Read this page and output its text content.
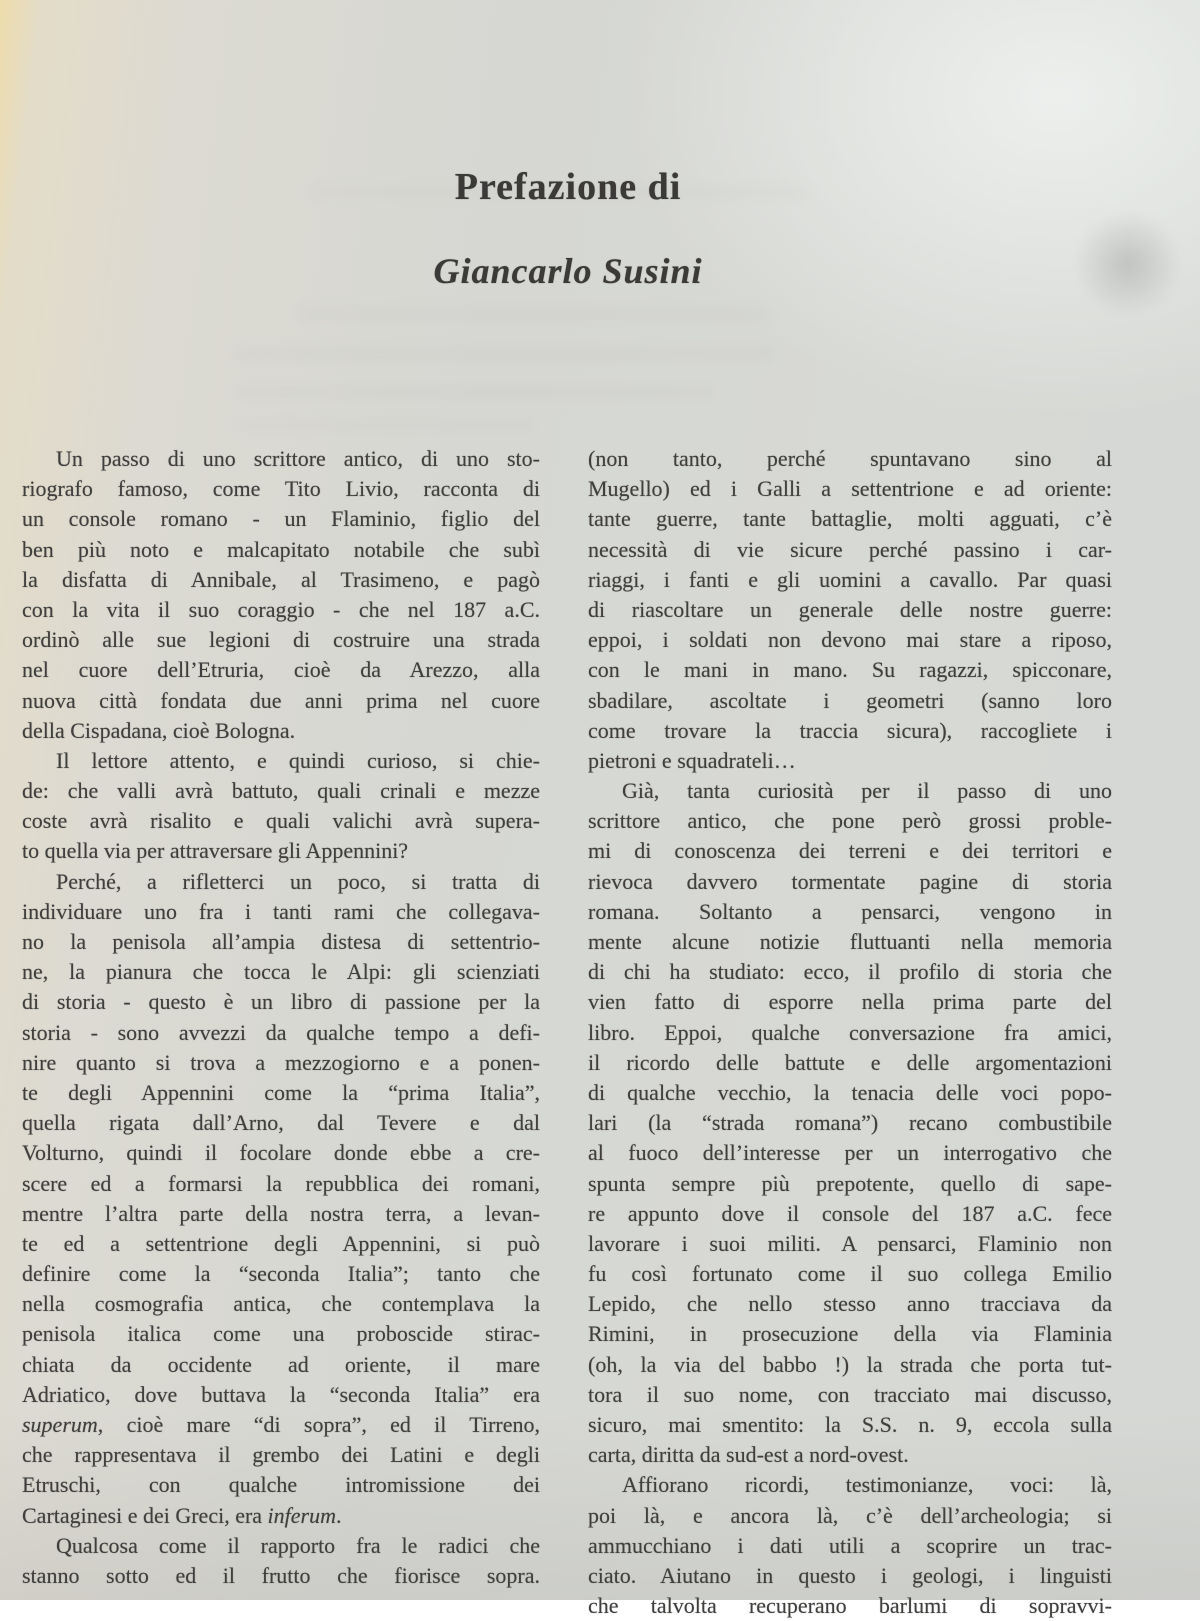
Prefazione di
Giancarlo Susini
Un passo di uno scrittore antico, di uno sto-
riografo famoso, come Tito Livio, racconta di
un console romano - un Flaminio, figlio del
ben più noto e malcapitato notabile che subì
la disfatta di Annibale, al Trasimeno, e pagò
con la vita il suo coraggio - che nel 187 a.C.
ordinò alle sue legioni di costruire una strada
nel cuore dell’Etruria, cioè da Arezzo, alla
nuova città fondata due anni prima nel cuore
della Cispadana, cioè Bologna.
Il lettore attento, e quindi curioso, si chie-
de: che valli avrà battuto, quali crinali e mezze
coste avrà risalito e quali valichi avrà supera-
to quella via per attraversare gli Appennini?
Perché, a rifletterci un poco, si tratta di
individuare uno fra i tanti rami che collegava-
no la penisola all’ampia distesa di settentrio-
ne, la pianura che tocca le Alpi: gli scienziati
di storia - questo è un libro di passione per la
storia - sono avvezzi da qualche tempo a defi-
nire quanto si trova a mezzogiorno e a ponen-
te degli Appennini come la “prima Italia”,
quella rigata dall’Arno, dal Tevere e dal
Volturno, quindi il focolare donde ebbe a cre-
scere ed a formarsi la repubblica dei romani,
mentre l’altra parte della nostra terra, a levan-
te ed a settentrione degli Appennini, si può
definire come la “seconda Italia”; tanto che
nella cosmografia antica, che contemplava la
penisola italica come una proboscide stirac-
chiata da occidente ad oriente, il mare
Adriatico, dove buttava la “seconda Italia” era
superum, cioè mare “di sopra”, ed il Tirreno,
che rappresentava il grembo dei Latini e degli
Etruschi, con qualche intromissione dei
Cartaginesi e dei Greci, era inferum.
Qualcosa come il rapporto fra le radici che
stanno sotto ed il frutto che fiorisce sopra.
(non tanto, perché spuntavano sino al
Mugello) ed i Galli a settentrione e ad oriente:
tante guerre, tante battaglie, molti agguati, c’è
necessità di vie sicure perché passino i car-
riaggi, i fanti e gli uomini a cavallo. Par quasi
di riascoltare un generale delle nostre guerre:
eppoi, i soldati non devono mai stare a riposo,
con le mani in mano. Su ragazzi, spicconare,
sbadilare, ascoltate i geometri (sanno loro
come trovare la traccia sicura), raccogliete i
pietroni e squadrateli…
Già, tanta curiosità per il passo di uno
scrittore antico, che pone però grossi proble-
mi di conoscenza dei terreni e dei territori e
rievoca davvero tormentate pagine di storia
romana. Soltanto a pensarci, vengono in
mente alcune notizie fluttuanti nella memoria
di chi ha studiato: ecco, il profilo di storia che
vien fatto di esporre nella prima parte del
libro. Eppoi, qualche conversazione fra amici,
il ricordo delle battute e delle argomentazioni
di qualche vecchio, la tenacia delle voci popo-
lari (la “strada romana”) recano combustibile
al fuoco dell’interesse per un interrogativo che
spunta sempre più prepotente, quello di sape-
re appunto dove il console del 187 a.C. fece
lavorare i suoi militi. A pensarci, Flaminio non
fu così fortunato come il suo collega Emilio
Lepido, che nello stesso anno tracciava da
Rimini, in prosecuzione della via Flaminia
(oh, la via del babbo !) la strada che porta tut-
tora il suo nome, con tracciato mai discusso,
sicuro, mai smentito: la S.S. n. 9, eccola sulla
carta, diritta da sud-est a nord-ovest.
Affiorano ricordi, testimonianze, voci: là,
poi là, e ancora là, c’è dell’archeologia; si
ammucchiano i dati utili a scoprire un trac-
ciato. Aiutano in questo i geologi, i linguisti
che talvolta recuperano barlumi di sopravvi-
